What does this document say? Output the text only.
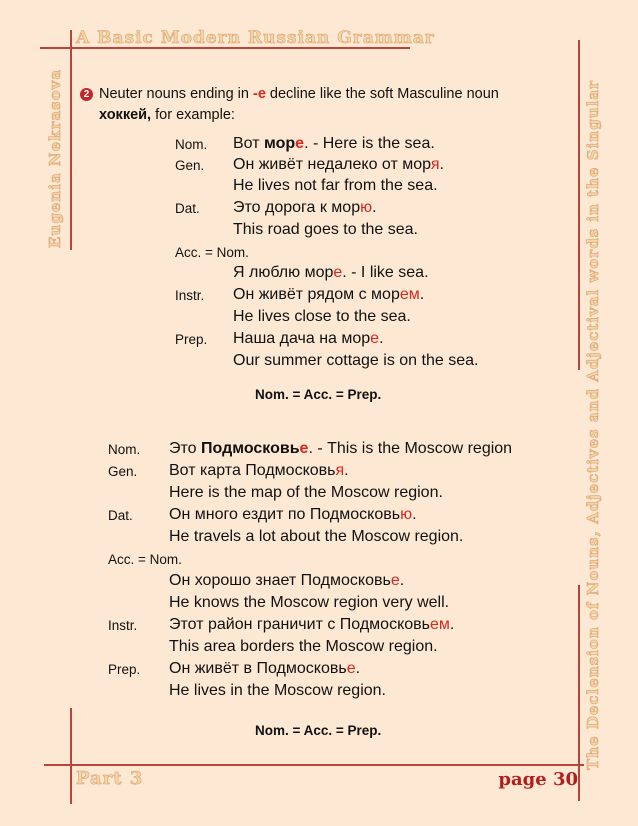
A Basic Modern Russian Grammar
Eugenia Nekrasova	The Declension of Nouns, Adjectives and Adjectival words in the Singular
Part 3	page 30
2 Neuter nouns ending in -е decline like the soft Masculine noun
хоккей, for example:
Nom. Вот море. - Here is the sea.
Gen. Он живёт недалеко от моря.
He lives not far from the sea.
Dat. Это дорога к морю.
This road goes to the sea.
Acc. = Nom.
Я люблю море. - I like sea.
Instr. Он живёт рядом с морем.
He lives close to the sea.
Prep. Наша дача на море.
Our summer cottage is on the sea.
Nom. = Acc. = Prep.
Nom. Это Подмосковье. - This is the Moscow region
Gen. Вот карта Подмосковья.
Here is the map of the Moscow region.
Dat. Он много ездит по Подмосковью.
He travels a lot about the Moscow region.
Acc. = Nom.
Он хорошо знает Подмосковье.
He knows the Moscow region very well.
Instr. Этот район граничит с Подмосковьем.
This area borders the Moscow region.
Prep. Он живёт в Подмосковье.
He lives in the Moscow region.
Nom. = Acc. = Prep.
